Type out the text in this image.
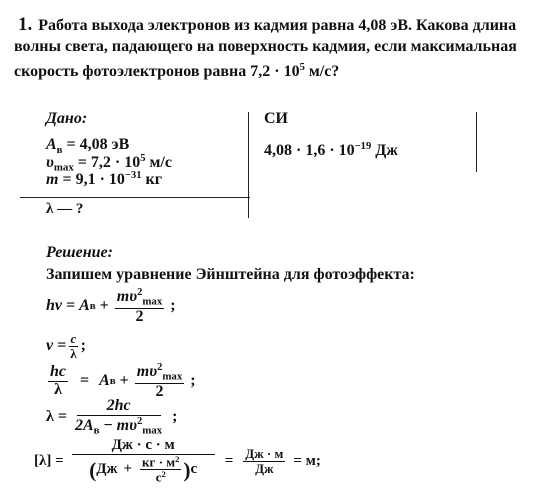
1. Работа выхода электронов из кадмия равна 4,08 эВ. Какова длина волны света, падающего на поверхность кадмия, если максимальная скорость фотоэлектронов равна $7,2 \cdot 10^5$ м/с?
Дано:
$A_в = 4,08$ эВ
$\upsilon_{max} = 7,2 \cdot 10^5$ м/с
$m = 9,1 \cdot 10^{-31}$ кг
λ — ?
СИ
$4,08 \cdot 1,6 \cdot 10^{-19}$ Дж
Решение:
Запишем уравнение Эйнштейна для фотоэффекта:
hν = A $в + \frac{m\upsilon^2_{max}}{2}$ ;
$\nu = \frac{c}{\lambda}$ ;
$\frac{hc}{\lambda} = A$ $в + \frac{m\upsilon^2_{max}}{2}$ ;
$\lambda = \frac{2hc}{2A_в - m\upsilon^2_{max}}$ ;
$[\lambda] = \frac{Дж \cdot с \cdot м}{( Дж + \frac{кг \cdot м^2}{с^2} ) с} = \frac{Дж \cdot м}{Дж} = м$;
